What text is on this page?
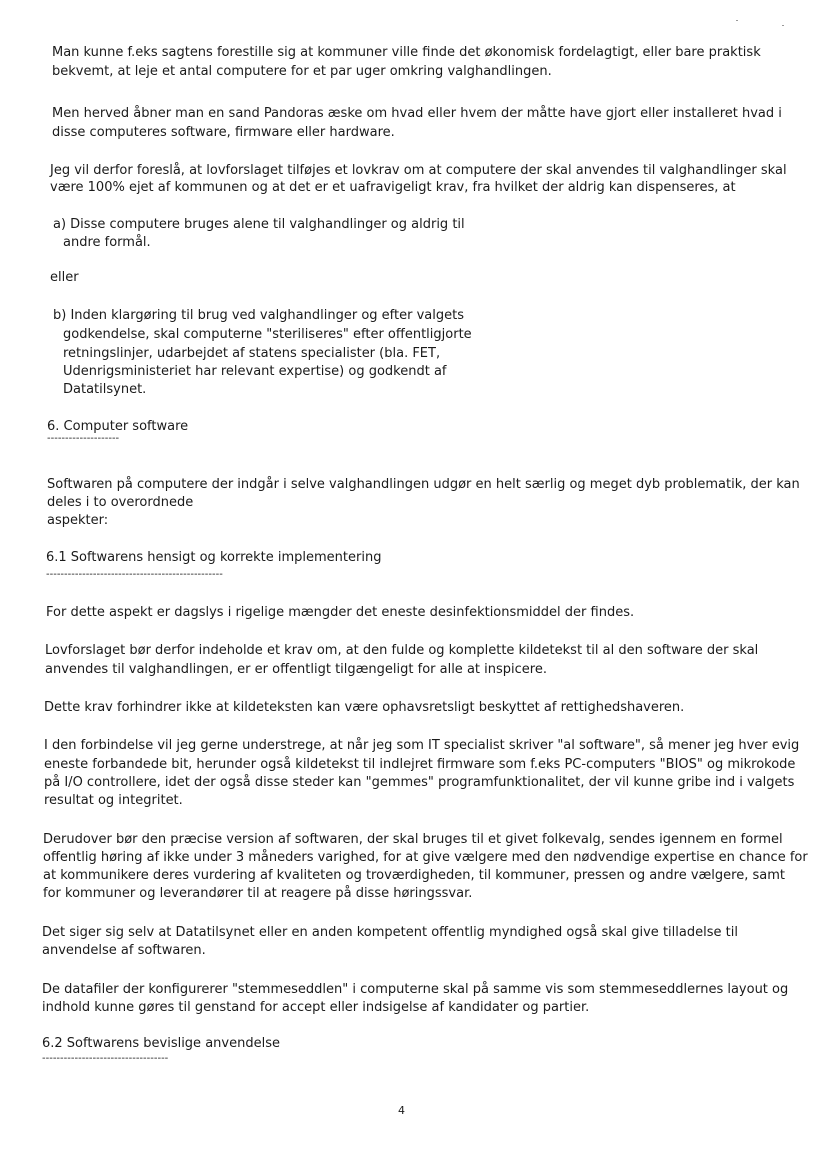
Man kunne f.eks sagtens forestille sig at kommuner ville finde det økonomisk fordelagtigt, eller bare praktisk
bekvemt, at leje et antal computere for et par uger omkring valghandlingen.
Men herved åbner man en sand Pandoras æske om hvad eller hvem der måtte have gjort eller installeret hvad i
disse computeres software, firmware eller hardware.
Jeg vil derfor foreslå, at lovforslaget tilføjes et lovkrav om at computere der skal anvendes til valghandlinger skal
være 100% ejet af kommunen og at det er et uafravigeligt krav, fra hvilket der aldrig kan dispenseres, at
a) Disse computere bruges alene til valghandlinger og aldrig til
andre formål.
eller
b) Inden klargøring til brug ved valghandlinger og efter valgets
godkendelse, skal computerne "steriliseres" efter offentligjorte
retningslinjer, udarbejdet af statens specialister (bla. FET,
Udenrigsministeriet har relevant expertise) og godkendt af
Datatilsynet.
6. Computer software
--------------------
Softwaren på computere der indgår i selve valghandlingen udgør en helt særlig og meget dyb problematik, der kan
deles i to overordnede
aspekter:
6.1 Softwarens hensigt og korrekte implementering
-------------------------------------------------
For dette aspekt er dagslys i rigelige mængder det eneste desinfektionsmiddel der findes.
Lovforslaget bør derfor indeholde et krav om, at den fulde og komplette kildetekst til al den software der skal
anvendes til valghandlingen, er er offentligt tilgængeligt for alle at inspicere.
Dette krav forhindrer ikke at kildeteksten kan være ophavsretsligt beskyttet af rettighedshaveren.
I den forbindelse vil jeg gerne understrege, at når jeg som IT specialist skriver "al software", så mener jeg hver evig
eneste forbandede bit, herunder også kildetekst til indlejret firmware som f.eks PC-computers "BIOS" og mikrokode
på I/O controllere, idet der også disse steder kan "gemmes" programfunktionalitet, der vil kunne gribe ind i valgets
resultat og integritet.
Derudover bør den præcise version af softwaren, der skal bruges til et givet folkevalg, sendes igennem en formel
offentlig høring af ikke under 3 måneders varighed, for at give vælgere med den nødvendige expertise en chance for
at kommunikere deres vurdering af kvaliteten og troværdigheden, til kommuner, pressen og andre vælgere, samt
for kommuner og leverandører til at reagere på disse høringssvar.
Det siger sig selv at Datatilsynet eller en anden kompetent offentlig myndighed også skal give tilladelse til
anvendelse af softwaren.
De datafiler der konfigurerer "stemmeseddlen" i computerne skal på samme vis som stemmeseddlernes layout og
indhold kunne gøres til genstand for accept eller indsigelse af kandidater og partier.
6.2 Softwarens bevislige anvendelse
-----------------------------------
4
